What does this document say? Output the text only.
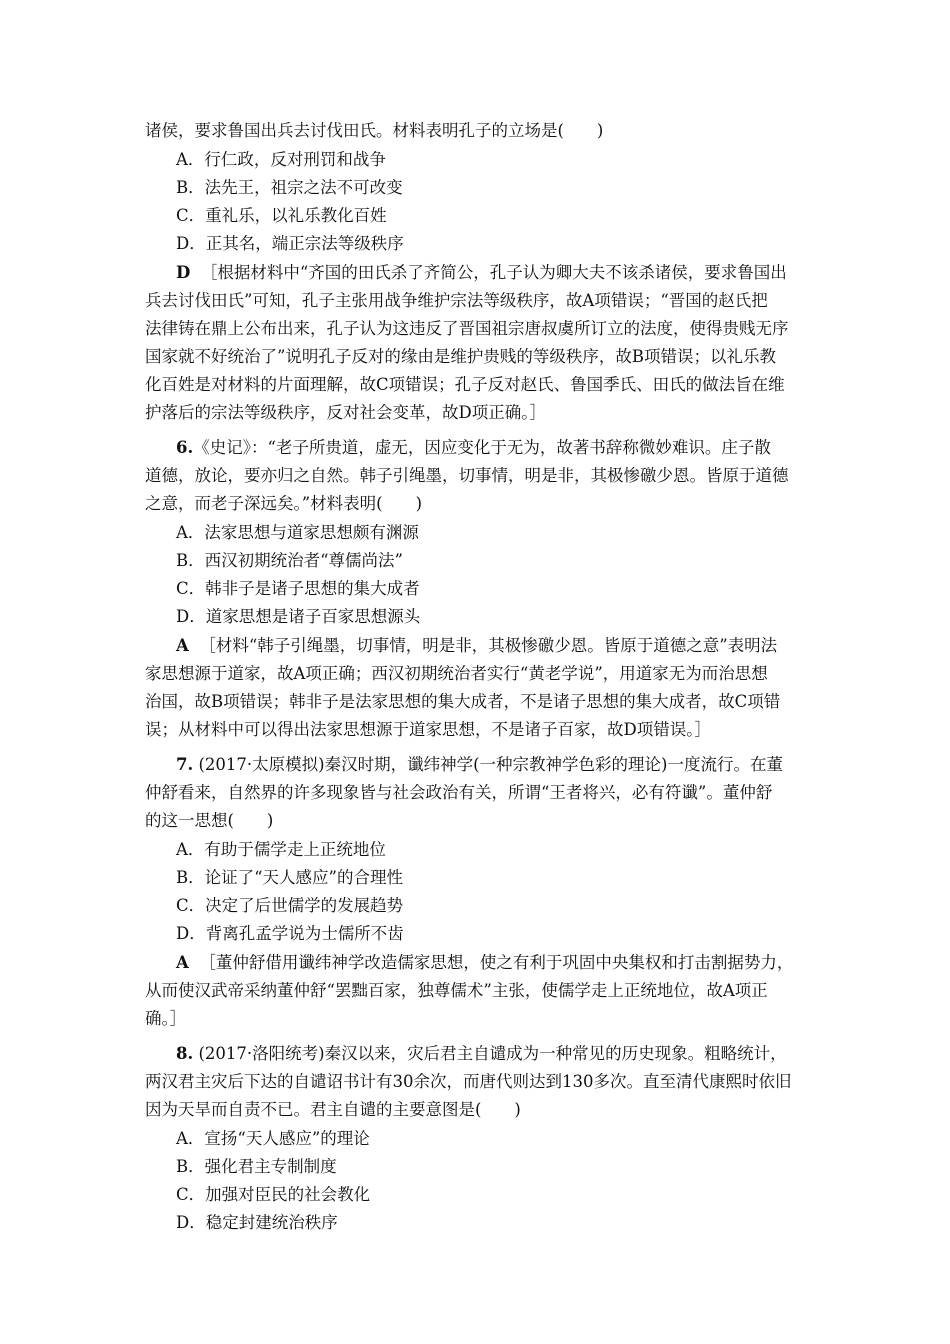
诸侯，要求鲁国出兵去讨伐田氏。材料表明孔子的立场是(　　)
A．行仁政，反对刑罚和战争
B．法先王，祖宗之法不可改变
C．重礼乐，以礼乐教化百姓
D．正其名，端正宗法等级秩序
D ［根据材料中“齐国的田氏杀了齐简公，孔子认为卿大夫不该杀诸侯，要求鲁国出
兵去讨伐田氏”可知，孔子主张用战争维护宗法等级秩序，故A项错误；“晋国的赵氏把
法律铸在鼎上公布出来，孔子认为这违反了晋国祖宗唐叔虞所订立的法度，使得贵贱无序
国家就不好统治了”说明孔子反对的缘由是维护贵贱的等级秩序，故B项错误；以礼乐教
化百姓是对材料的片面理解，故C项错误；孔子反对赵氏、鲁国季氏、田氏的做法旨在维
护落后的宗法等级秩序，反对社会变革，故D项正确。］
6.《史记》：“老子所贵道，虚无，因应变化于无为，故著书辞称微妙难识。庄子散
道德，放论，要亦归之自然。韩子引绳墨，切事情，明是非，其极惨礉少恩。皆原于道德
之意，而老子深远矣。”材料表明(　　)
A．法家思想与道家思想颇有渊源
B．西汉初期统治者“尊儒尚法”
C．韩非子是诸子思想的集大成者
D．道家思想是诸子百家思想源头
A ［材料“韩子引绳墨，切事情，明是非，其极惨礉少恩。皆原于道德之意”表明法
家思想源于道家，故A项正确；西汉初期统治者实行“黄老学说”，用道家无为而治思想
治国，故B项错误；韩非子是法家思想的集大成者，不是诸子思想的集大成者，故C项错
误；从材料中可以得出法家思想源于道家思想，不是诸子百家，故D项错误。］
7. (2017·太原模拟)秦汉时期，谶纬神学(一种宗教神学色彩的理论)一度流行。在董
仲舒看来，自然界的许多现象皆与社会政治有关，所谓“王者将兴，必有符谶”。董仲舒
的这一思想(　　)
A．有助于儒学走上正统地位
B．论证了“天人感应”的合理性
C．决定了后世儒学的发展趋势
D．背离孔孟学说为士儒所不齿
A ［董仲舒借用谶纬神学改造儒家思想，使之有利于巩固中央集权和打击割据势力，
从而使汉武帝采纳董仲舒“罢黜百家，独尊儒术”主张，使儒学走上正统地位，故A项正
确。］
8. (2017·洛阳统考)秦汉以来，灾后君主自谴成为一种常见的历史现象。粗略统计，
两汉君主灾后下达的自谴诏书计有30余次，而唐代则达到130多次。直至清代康熙时依旧
因为天旱而自责不已。君主自谴的主要意图是(　　)
A．宣扬“天人感应”的理论
B．强化君主专制制度
C．加强对臣民的社会教化
D．稳定封建统治秩序
